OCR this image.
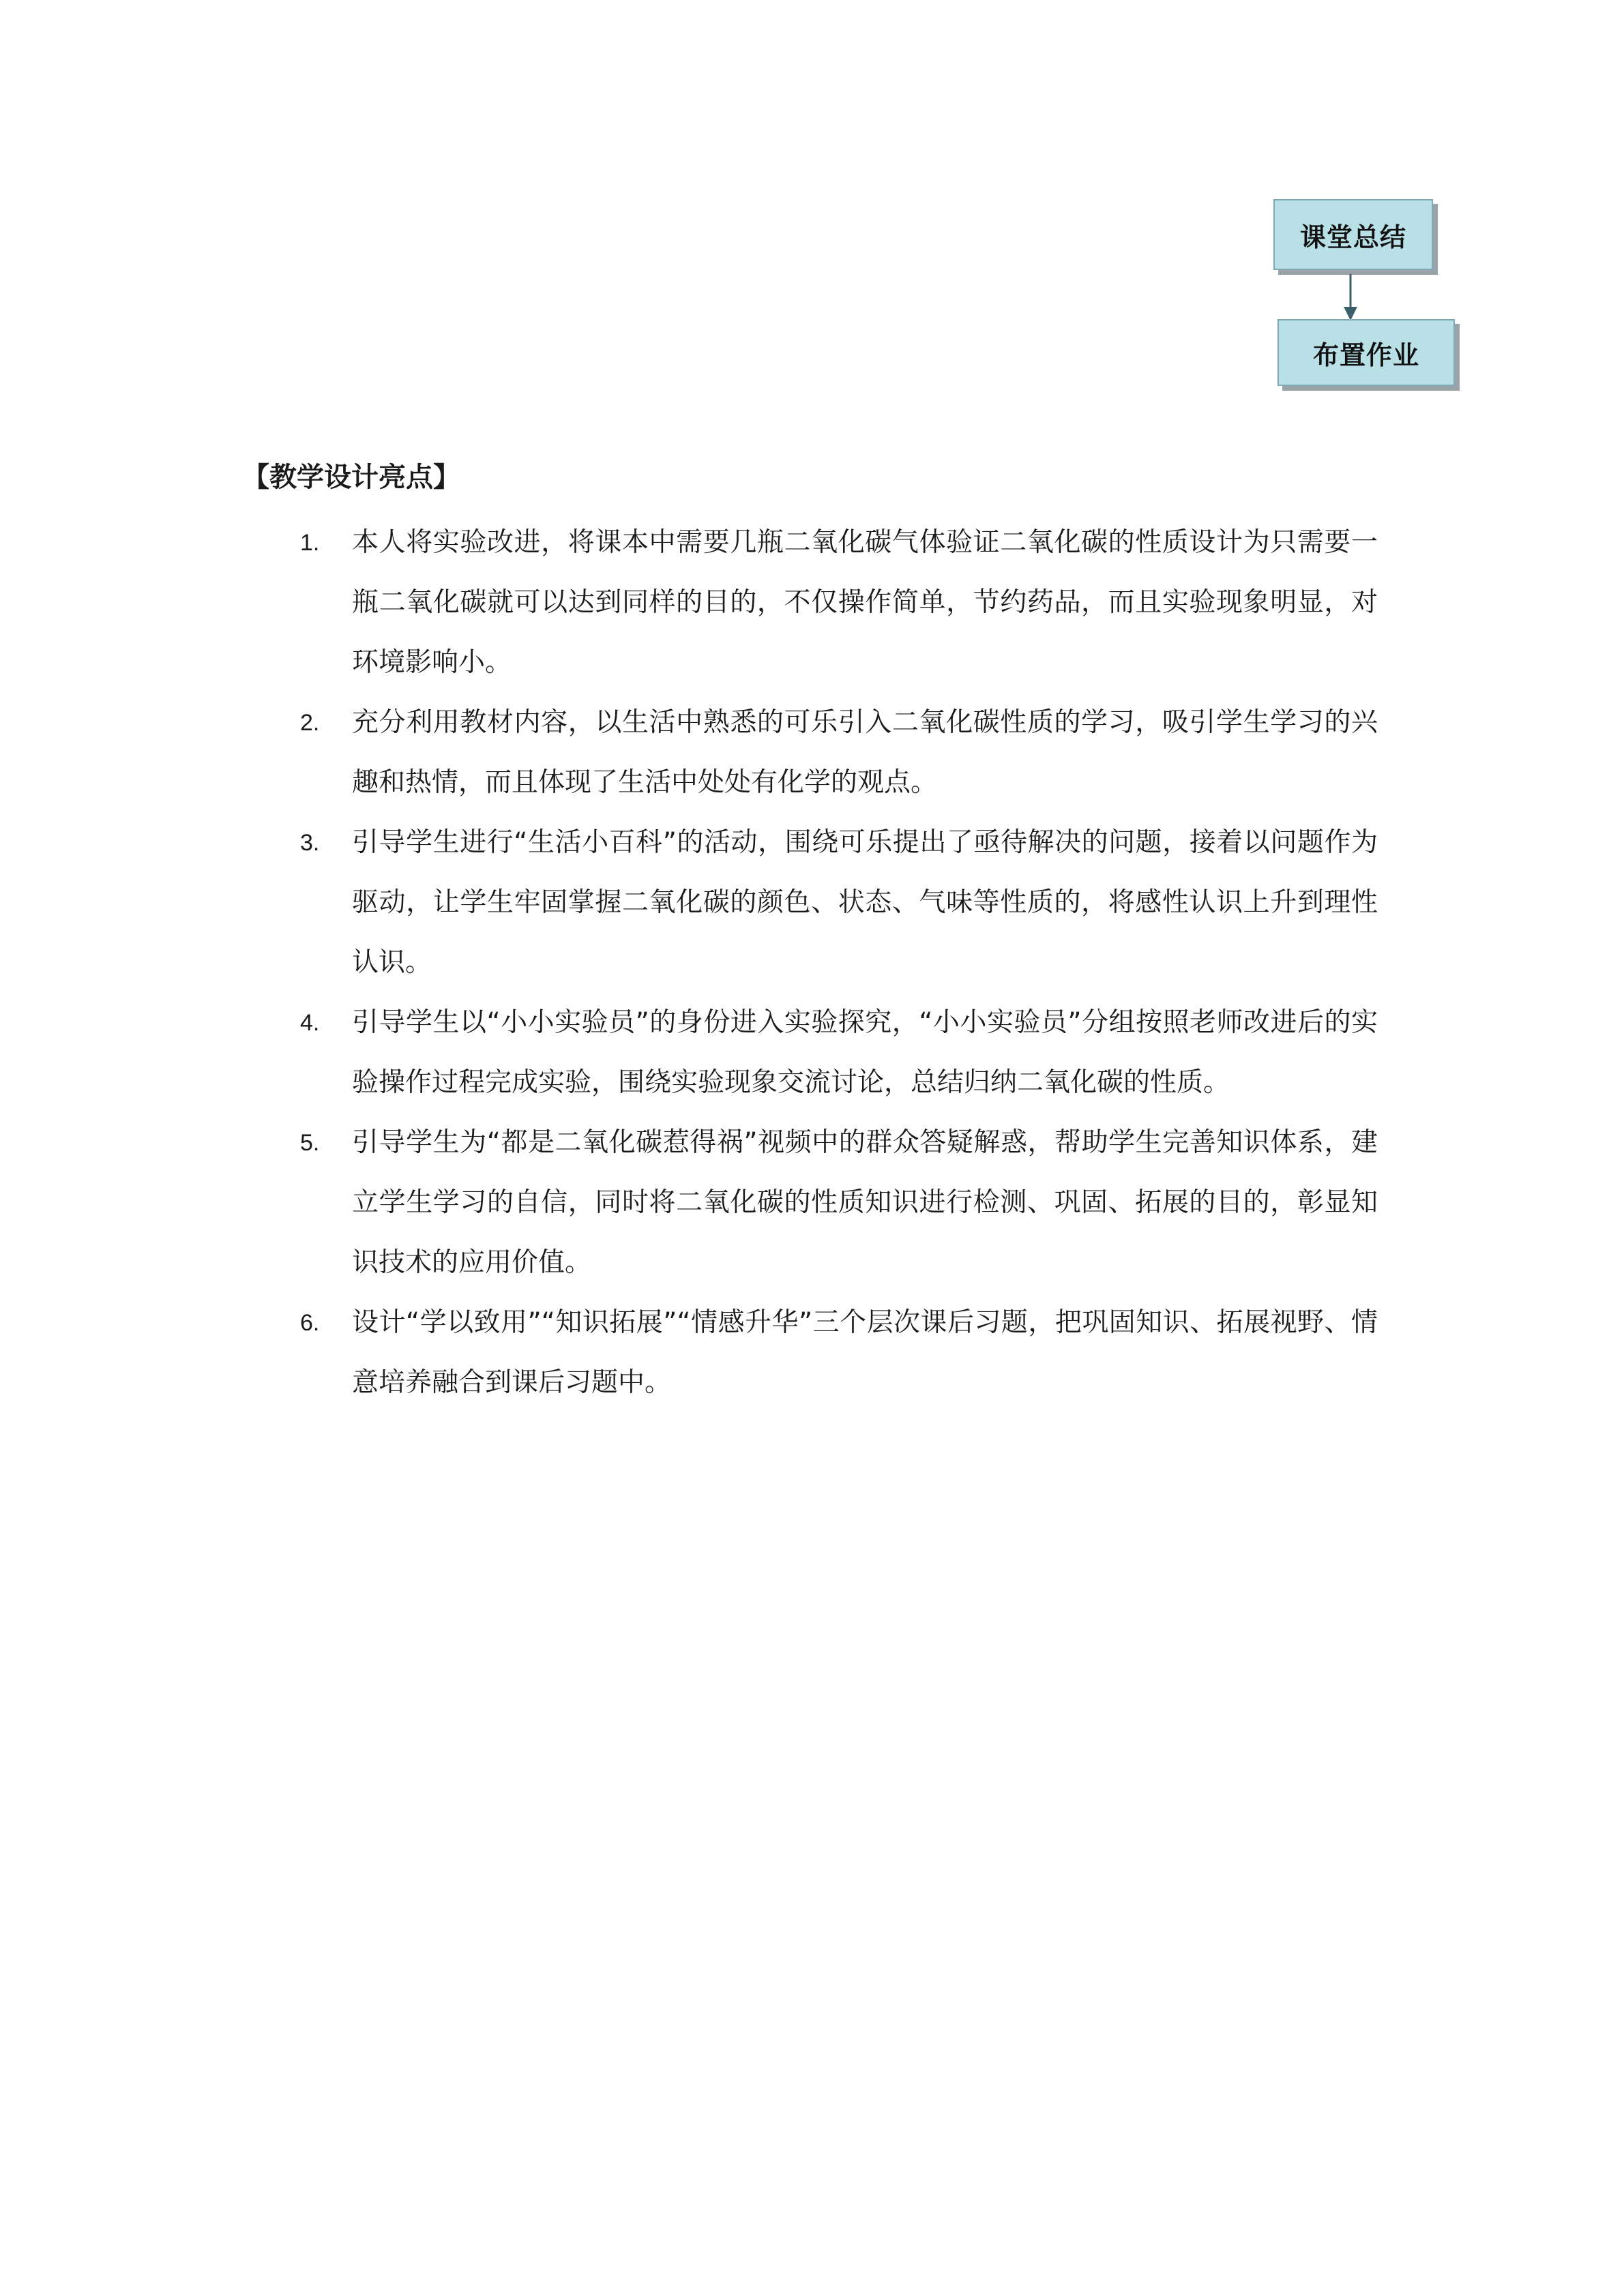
课堂总结
布置作业
【教学设计亮点】
1. 本人将实验改进，将课本中需要几瓶二氧化碳气体验证二氧化碳的性质设计为只需要一瓶二氧化碳就可以达到同样的目的，不仅操作简单，节约药品，而且实验现象明显，对环境影响小。
2. 充分利用教材内容，以生活中熟悉的可乐引入二氧化碳性质的学习，吸引学生学习的兴趣和热情，而且体现了生活中处处有化学的观点。
3. 引导学生进行“生活小百科”的活动，围绕可乐提出了亟待解决的问题，接着以问题作为驱动，让学生牢固掌握二氧化碳的颜色、状态、气味等性质的，将感性认识上升到理性认识。
4. 引导学生以“小小实验员”的身份进入实验探究，“小小实验员”分组按照老师改进后的实验操作过程完成实验，围绕实验现象交流讨论，总结归纳二氧化碳的性质。
5. 引导学生为“都是二氧化碳惹得祸”视频中的群众答疑解惑，帮助学生完善知识体系，建立学生学习的自信，同时将二氧化碳的性质知识进行检测、巩固、拓展的目的，彰显知识技术的应用价值。
6. 设计“学以致用”“知识拓展”“情感升华”三个层次课后习题，把巩固知识、拓展视野、情意培养融合到课后习题中。
